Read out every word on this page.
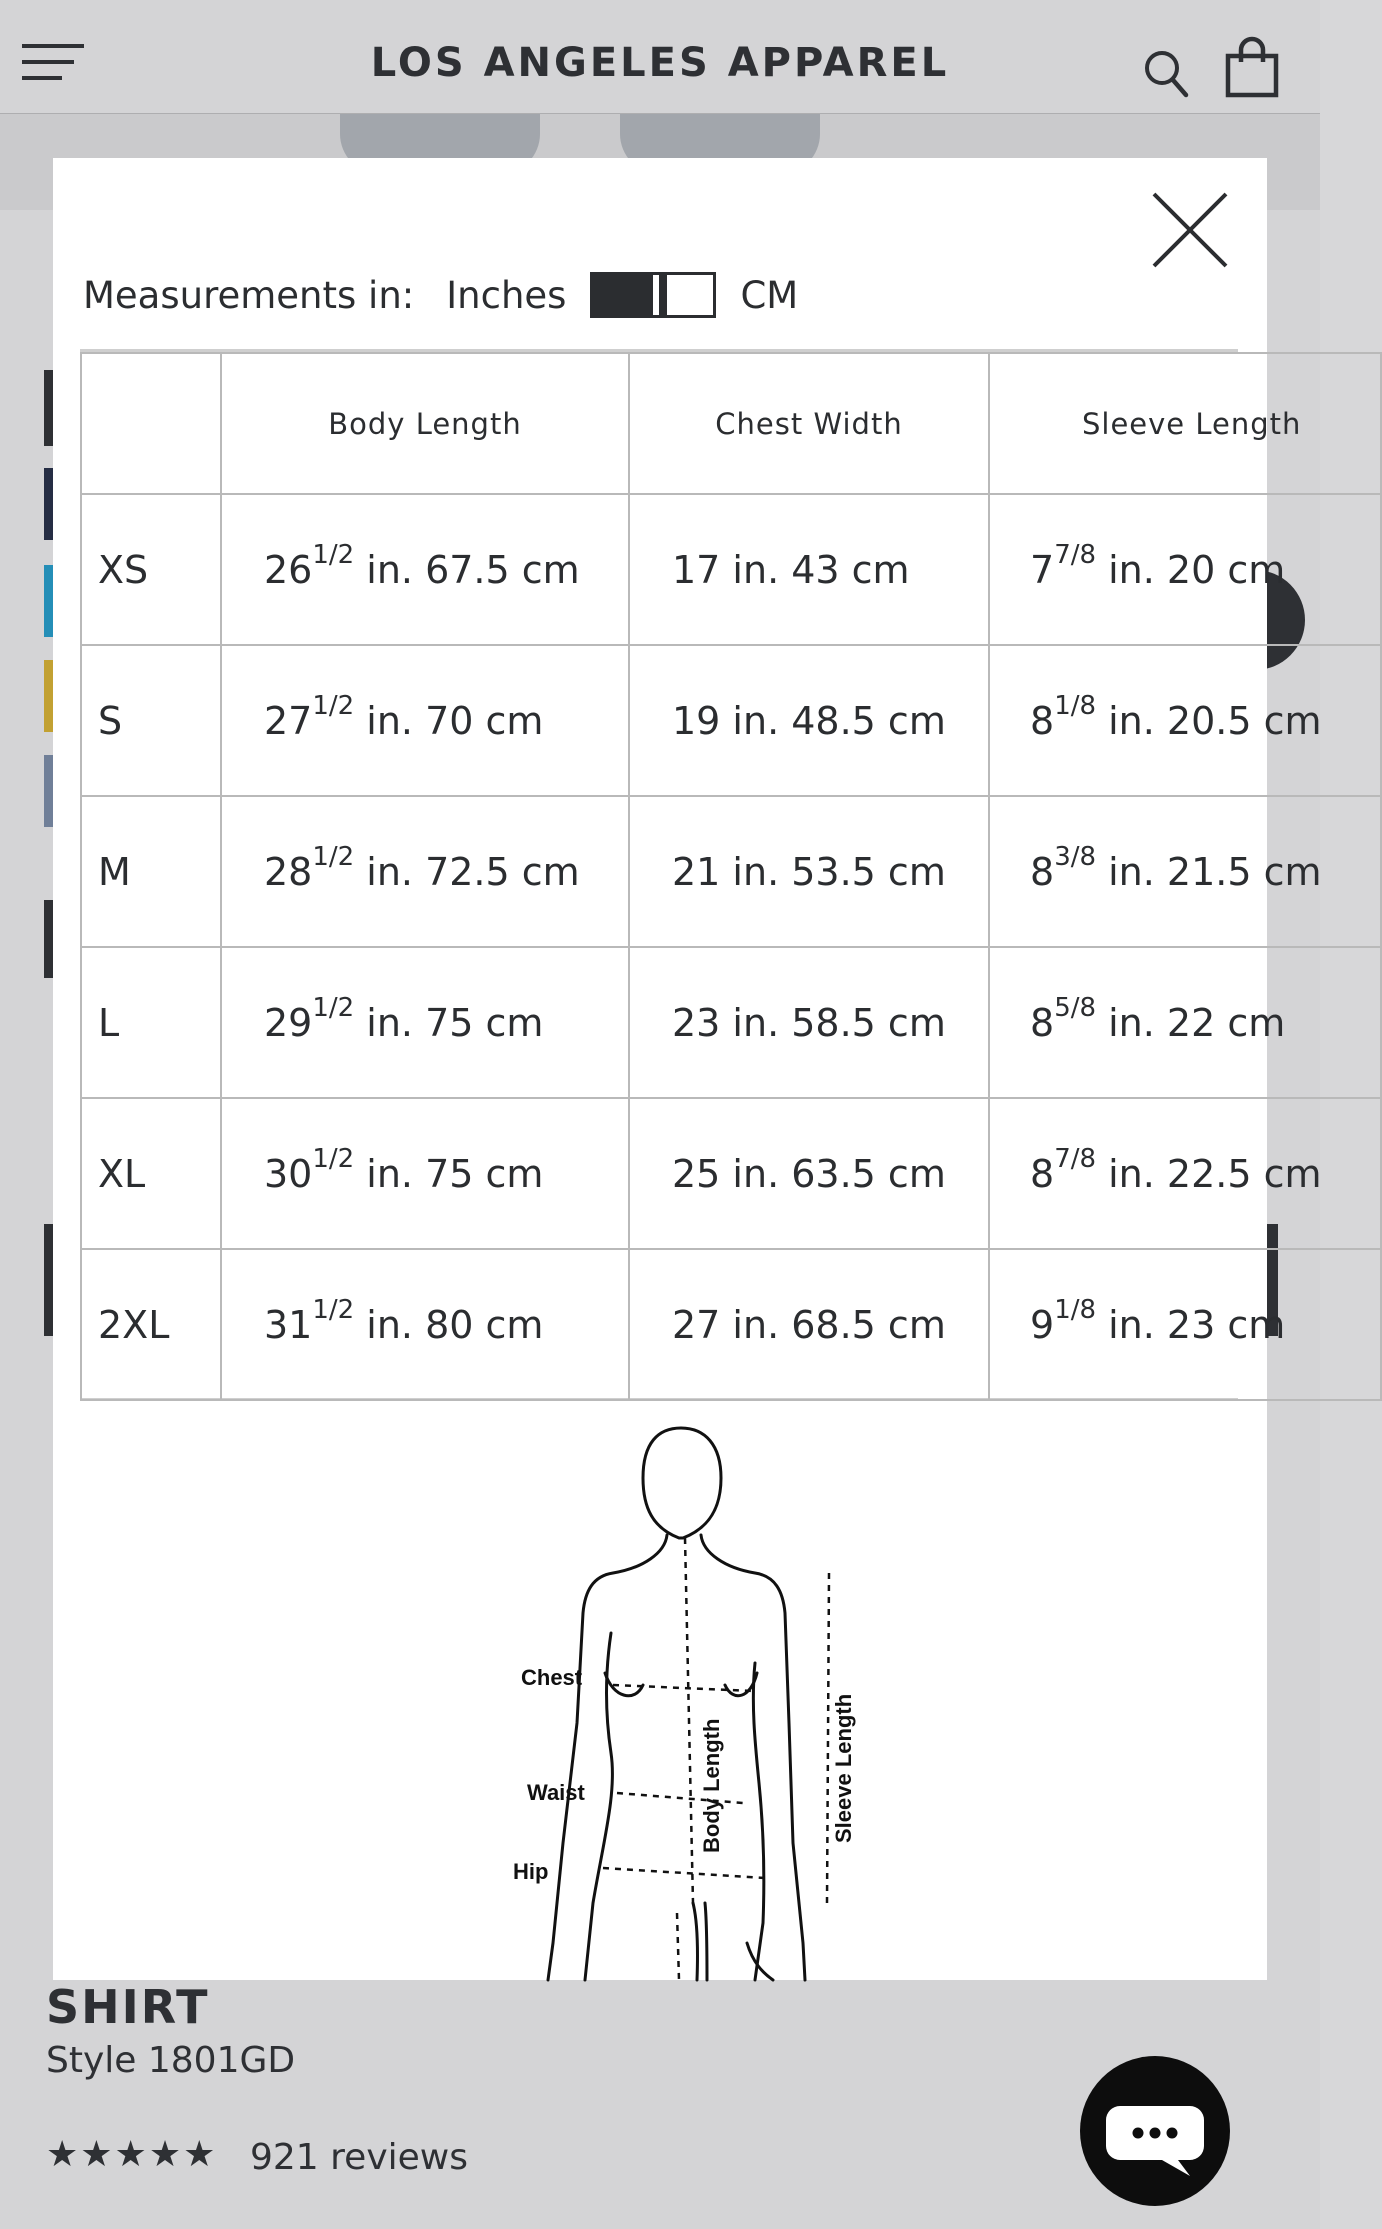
LOS ANGELES APPAREL
SHIRT
Style 1801GD
★★★★★ 921 reviews
Measurements in: Inches	CM
	Body Length	Chest Width	Sleeve Length
XS	$26^{1/2}$ in. 67.5 cm	17 in. 43 cm	$7^{7/8}$ in. 20 cm
S	$27^{1/2}$ in. 70 cm	19 in. 48.5 cm	$8^{1/8}$ in. 20.5 cm
M	$28^{1/2}$ in. 72.5 cm	21 in. 53.5 cm	$8^{3/8}$ in. 21.5 cm
L	$29^{1/2}$ in. 75 cm	23 in. 58.5 cm	$8^{5/8}$ in. 22 cm
XL	$30^{1/2}$ in. 75 cm	25 in. 63.5 cm	$8^{7/8}$ in. 22.5 cm
2XL	$31^{1/2}$ in. 80 cm	27 in. 68.5 cm	$9^{1/8}$ in. 23 cm
Chest
Waist
Hip
Body Length	Sleeve Length
